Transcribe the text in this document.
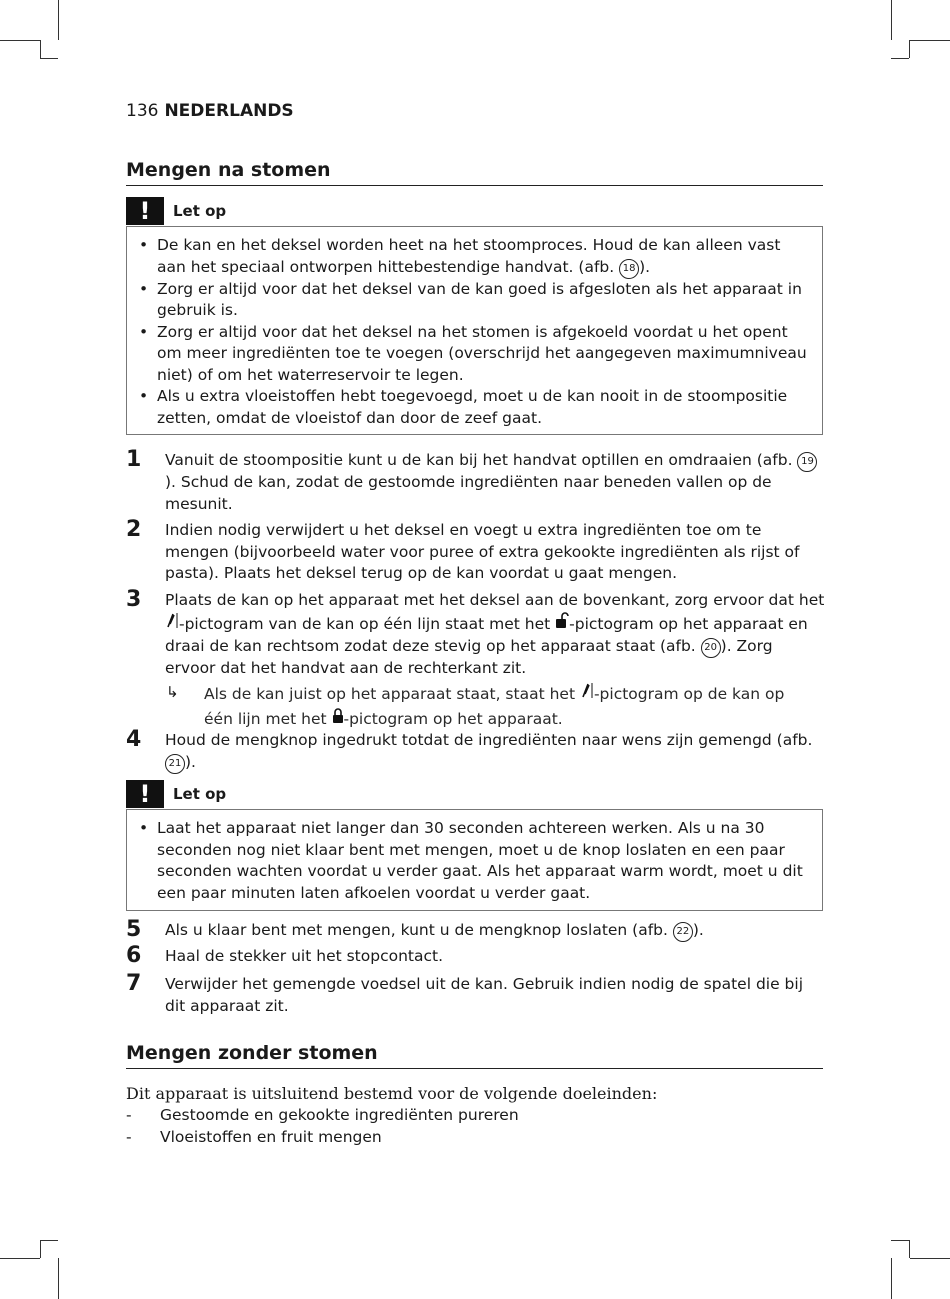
136 NEDERLANDS
Mengen na stomen
!	Let op
• De kan en het deksel worden heet na het stoomproces. Houd de kan alleen vast aan het speciaal ontworpen hittebestendige handvat. (afb. 18 ).
• Zorg er altijd voor dat het deksel van de kan goed is afgesloten als het apparaat in gebruik is.
• Zorg er altijd voor dat het deksel na het stomen is afgekoeld voordat u het opent om meer ingrediënten toe te voegen (overschrijd het aangegeven maximumniveau niet) of om het waterreservoir te legen.
• Als u extra vloeistoffen hebt toegevoegd, moet u de kan nooit in de stoompositie zetten, omdat de vloeistof dan door de zeef gaat.
1 Vanuit de stoompositie kunt u de kan bij het handvat optillen en omdraaien (afb. 19). Schud de kan, zodat de gestoomde ingrediënten naar beneden vallen op de mesunit.
2 Indien nodig verwijdert u het deksel en voegt u extra ingrediënten toe om te mengen (bijvoorbeeld water voor puree of extra gekookte ingrediënten als rijst of pasta). Plaats het deksel terug op de kan voordat u gaat mengen.
3 Plaats de kan op het apparaat met het deksel aan de bovenkant, zorg ervoor dat het -pictogram van de kan op één lijn staat met het -pictogram op het apparaat en draai de kan rechtsom zodat deze stevig op het apparaat staat (afb. 20 ). Zorg ervoor dat het handvat aan de rechterkant zit.
↳ Als de kan juist op het apparaat staat, staat het -pictogram op de kan op één lijn met het -pictogram op het apparaat.
4 Houd de mengknop ingedrukt totdat de ingrediënten naar wens zijn gemengd (afb. 21 ).
!	Let op
• Laat het apparaat niet langer dan 30 seconden achtereen werken. Als u na 30 seconden nog niet klaar bent met mengen, moet u de knop loslaten en een paar seconden wachten voordat u verder gaat. Als het apparaat warm wordt, moet u dit een paar minuten laten afkoelen voordat u verder gaat.
5 Als u klaar bent met mengen, kunt u de mengknop loslaten (afb. 22 ).
6 Haal de stekker uit het stopcontact.
7 Verwijder het gemengde voedsel uit de kan. Gebruik indien nodig de spatel die bij dit apparaat zit.
Mengen zonder stomen
Dit apparaat is uitsluitend bestemd voor de volgende doeleinden:
- Gestoomde en gekookte ingrediënten pureren
- Vloeistoffen en fruit mengen
